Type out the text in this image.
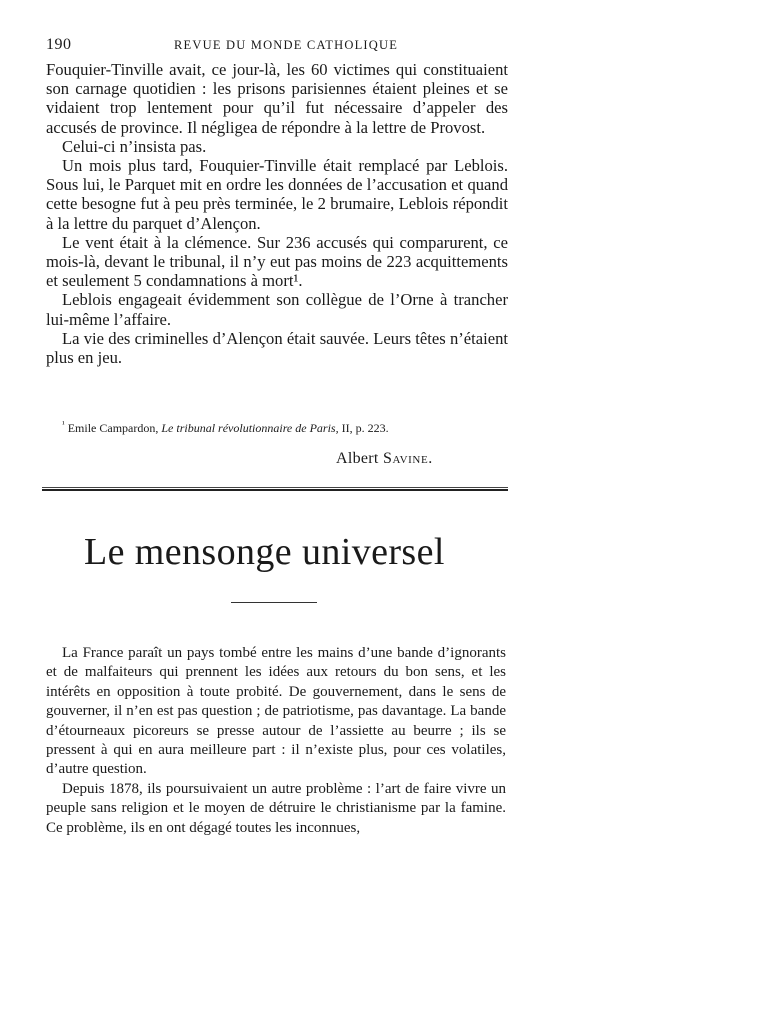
190	REVUE DU MONDE CATHOLIQUE

Fouquier-Tinville avait, ce jour-là, les 60 victimes qui constituaient son carnage quotidien : les prisons parisiennes étaient pleines et se vidaient trop lentement pour qu’il fut nécessaire d’appeler des accusés de province. Il négligea de répondre à la lettre de Provost.

Celui-ci n’insista pas.

Un mois plus tard, Fouquier-Tinville était remplacé par Leblois. Sous lui, le Parquet mit en ordre les données de l’accusation et quand cette besogne fut à peu près terminée, le 2 brumaire, Leblois répondit à la lettre du parquet d’Alençon.

Le vent était à la clémence. Sur 236 accusés qui comparurent, ce mois-là, devant le tribunal, il n’y eut pas moins de 223 acquittements et seulement 5 condamnations à mort¹.

Leblois engageait évidemment son collègue de l’Orne à trancher lui-même l’affaire.

La vie des criminelles d’Alençon était sauvée. Leurs têtes n’étaient plus en jeu.

$^{^1}$ Emile Campardon, Le tribunal révolutionnaire de Paris, II, p. 223.
Albert Savine.
Le mensonge universel

La France paraît un pays tombé entre les mains d’une bande d’ignorants et de malfaiteurs qui prennent les idées aux retours du bon sens, et les intérêts en opposition à toute probité. De gouvernement, dans le sens de gouverner, il n’en est pas question ; de patriotisme, pas davantage. La bande d’étourneaux picoreurs se presse autour de l’assiette au beurre ; ils se pressent à qui en aura meilleure part : il n’existe plus, pour ces volatiles, d’autre question.

Depuis 1878, ils poursuivaient un autre problème : l’art de faire vivre un peuple sans religion et le moyen de détruire le christianisme par la famine. Ce problème, ils en ont dégagé toutes les inconnues,
